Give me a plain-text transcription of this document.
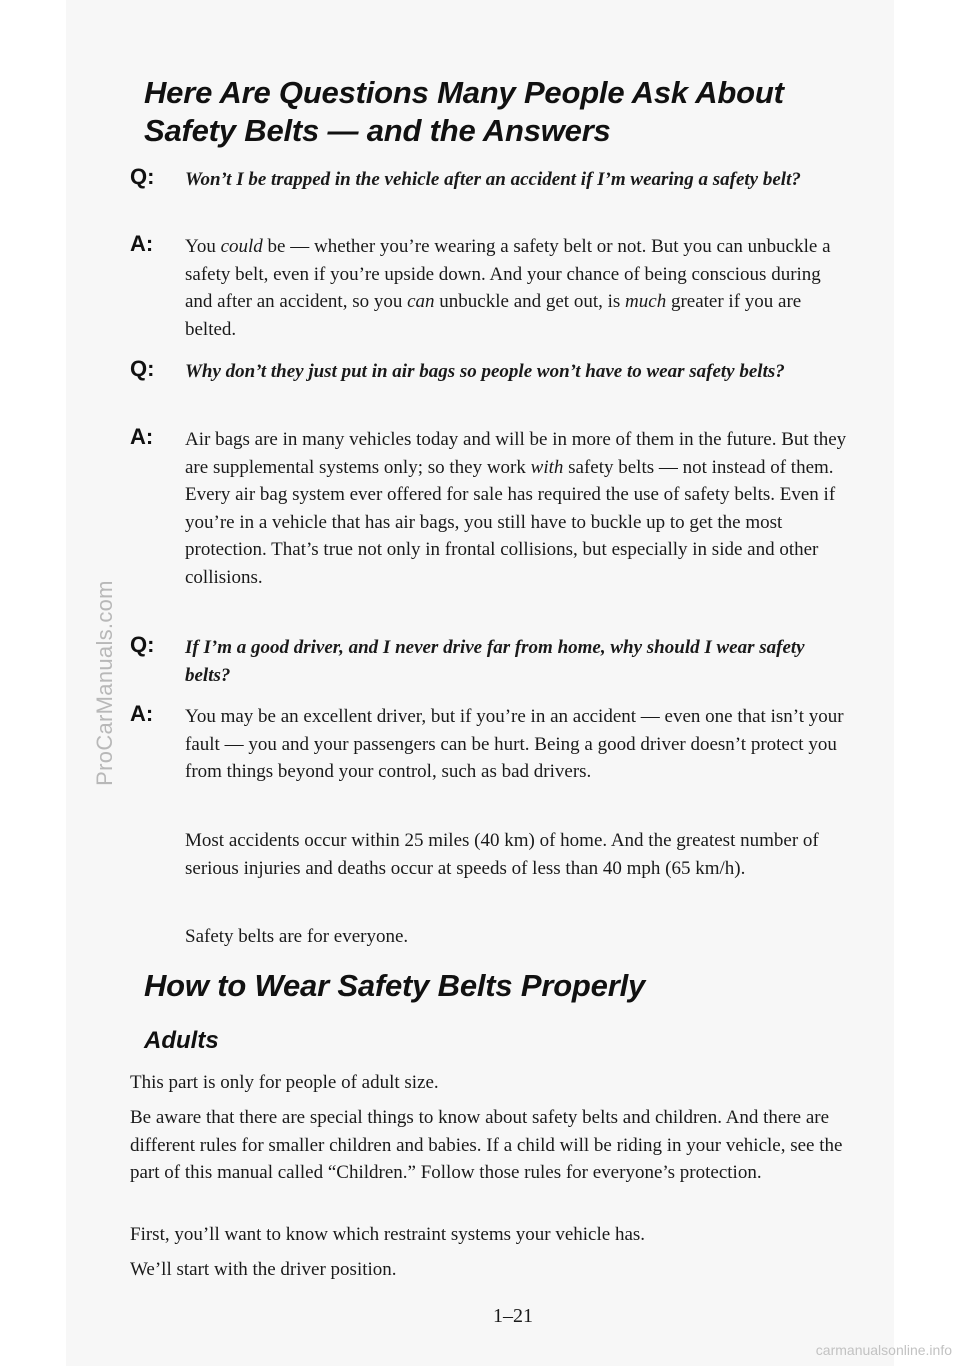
ProCarManuals.com
Here Are Questions Many People Ask About
Safety Belts — and the Answers
Q: Won’t I be trapped in the vehicle after an accident if I’m wearing a safety belt?
A: You could be — whether you’re wearing a safety belt or not. But you can unbuckle a safety belt, even if you’re upside down. And your chance of being conscious during and after an accident, so you can unbuckle and get out, is much greater if you are belted.
Q: Why don’t they just put in air bags so people won’t have to wear safety belts?
A: Air bags are in many vehicles today and will be in more of them in the future. But they are supplemental systems only; so they work with safety belts — not instead of them. Every air bag system ever offered for sale has required the use of safety belts. Even if you’re in a vehicle that has air bags, you still have to buckle up to get the most protection. That’s true not only in frontal collisions, but especially in side and other collisions.
Q: If I’m a good driver, and I never drive far from home, why should I wear safety belts?
A: You may be an excellent driver, but if you’re in an accident — even one that isn’t your fault — you and your passengers can be hurt. Being a good driver doesn’t protect you from things beyond your control, such as bad drivers.
Most accidents occur within 25 miles (40 km) of home. And the greatest number of serious injuries and deaths occur at speeds of less than 40 mph (65 km/h).
Safety belts are for everyone.
How to Wear Safety Belts Properly
Adults
This part is only for people of adult size.
Be aware that there are special things to know about safety belts and children. And there are different rules for smaller children and babies. If a child will be riding in your vehicle, see the part of this manual called “Children.” Follow those rules for everyone’s protection.
First, you’ll want to know which restraint systems your vehicle has.
We’ll start with the driver position.
1–21
carmanualsonline.info
